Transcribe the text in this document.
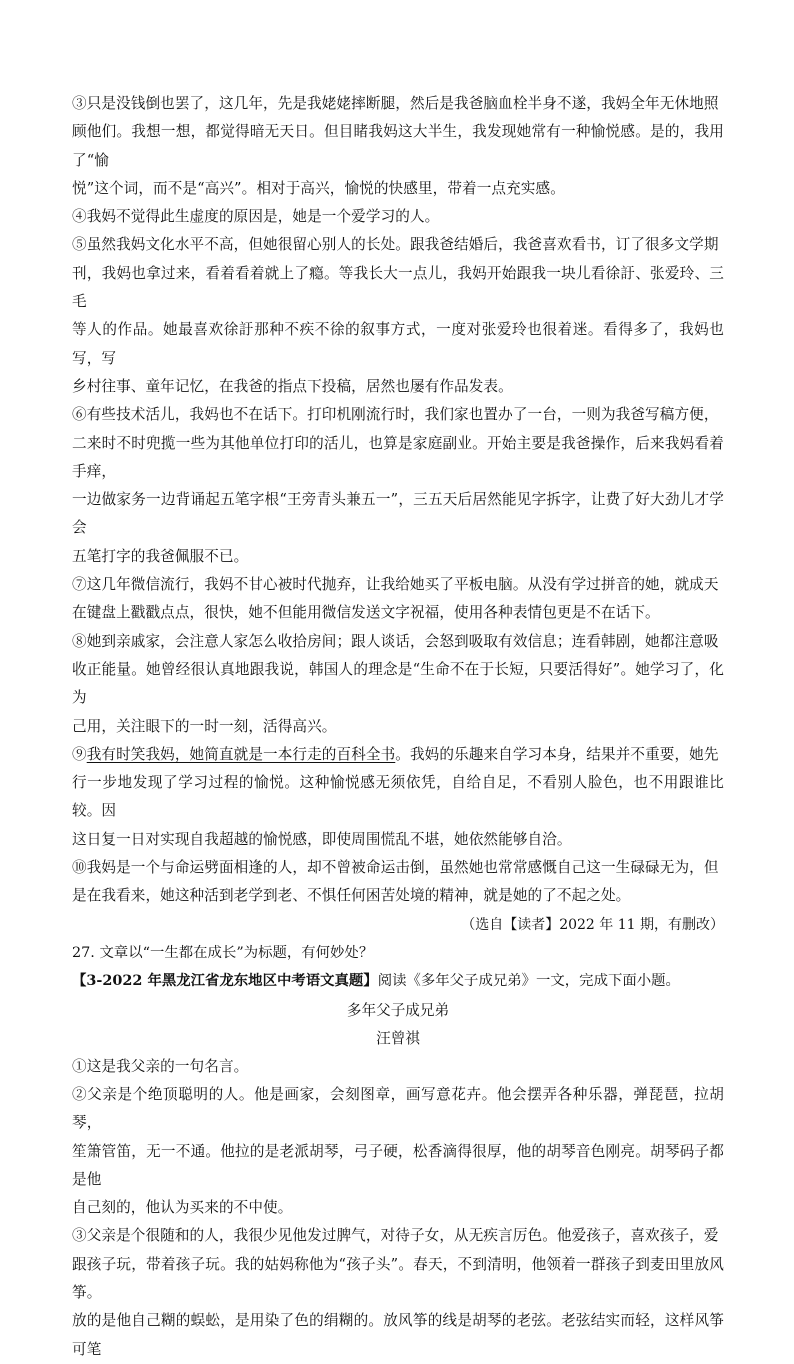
③只是没钱倒也罢了，这几年，先是我姥姥摔断腿，然后是我爸脑血栓半身不遂，我妈全年无休地照

顾他们。我想一想，都觉得暗无天日。但目睹我妈这大半生，我发现她常有一种愉悦感。是的，我用了“愉

悦”这个词，而不是“高兴”。相对于高兴，愉悦的快感里，带着一点充实感。

④我妈不觉得此生虚度的原因是，她是一个爱学习的人。

⑤虽然我妈文化水平不高，但她很留心别人的长处。跟我爸结婚后，我爸喜欢看书，订了很多文学期

刊，我妈也拿过来，看着看着就上了瘾。等我长大一点儿，我妈开始跟我一块儿看徐訏、张爱玲、三毛

等人的作品。她最喜欢徐訏那种不疾不徐的叙事方式，一度对张爱玲也很着迷。看得多了，我妈也写，写

乡村往事、童年记忆，在我爸的指点下投稿，居然也屡有作品发表。

⑥有些技术活儿，我妈也不在话下。打印机刚流行时，我们家也置办了一台，一则为我爸写稿方便，

二来时不时兜揽一些为其他单位打印的活儿，也算是家庭副业。开始主要是我爸操作，后来我妈看着手痒，

一边做家务一边背诵起五笔字根“王旁青头兼五一”，三五天后居然能见字拆字，让费了好大劲儿才学会

五笔打字的我爸佩服不已。

⑦这几年微信流行，我妈不甘心被时代抛弃，让我给她买了平板电脑。从没有学过拼音的她，就成天

在键盘上戳戳点点，很快，她不但能用微信发送文字祝福，使用各种表情包更是不在话下。

⑧她到亲戚家，会注意人家怎么收拾房间；跟人谈话，会怒到吸取有效信息；连看韩剧，她都注意吸

收正能量。她曾经很认真地跟我说，韩国人的理念是“生命不在于长短，只要活得好”。她学习了，化为

己用，关注眼下的一时一刻，活得高兴。

⑨我有时笑我妈，她简直就是一本行走的百科全书。我妈的乐趣来自学习本身，结果并不重要，她先

行一步地发现了学习过程的愉悦。这种愉悦感无须依凭，自给自足，不看别人脸色，也不用跟谁比较。因

这日复一日对实现自我超越的愉悦感，即使周围慌乱不堪，她依然能够自洽。

⑩我妈是一个与命运劈面相逢的人，却不曾被命运击倒，虽然她也常常感慨自己这一生碌碌无为，但

是在我看来，她这种活到老学到老、不惧任何困苦处境的精神，就是她的了不起之处。

（选自【读者】2022 年 11 期，有删改）

27. 文章以“一生都在成长”为标题，有何妙处？

【3-2022 年黑龙江省龙东地区中考语文真题】阅读《多年父子成兄弟》一文，完成下面小题。

多年父子成兄弟

汪曾祺

①这是我父亲的一句名言。

②父亲是个绝顶聪明的人。他是画家，会刻图章，画写意花卉。他会摆弄各种乐器，弹琵琶，拉胡琴，

笙箫管笛，无一不通。他拉的是老派胡琴，弓子硬，松香滴得很厚，他的胡琴音色刚亮。胡琴码子都是他

自己刻的，他认为买来的不中使。

③父亲是个很随和的人，我很少见他发过脾气，对待子女，从无疾言厉色。他爱孩子，喜欢孩子，爱

跟孩子玩，带着孩子玩。我的姑妈称他为“孩子头”。春天，不到清明，他领着一群孩子到麦田里放风筝。

放的是他自己糊的蜈蚣，是用染了色的绢糊的。放风筝的线是胡琴的老弦。老弦结实而轻，这样风筝可笔
